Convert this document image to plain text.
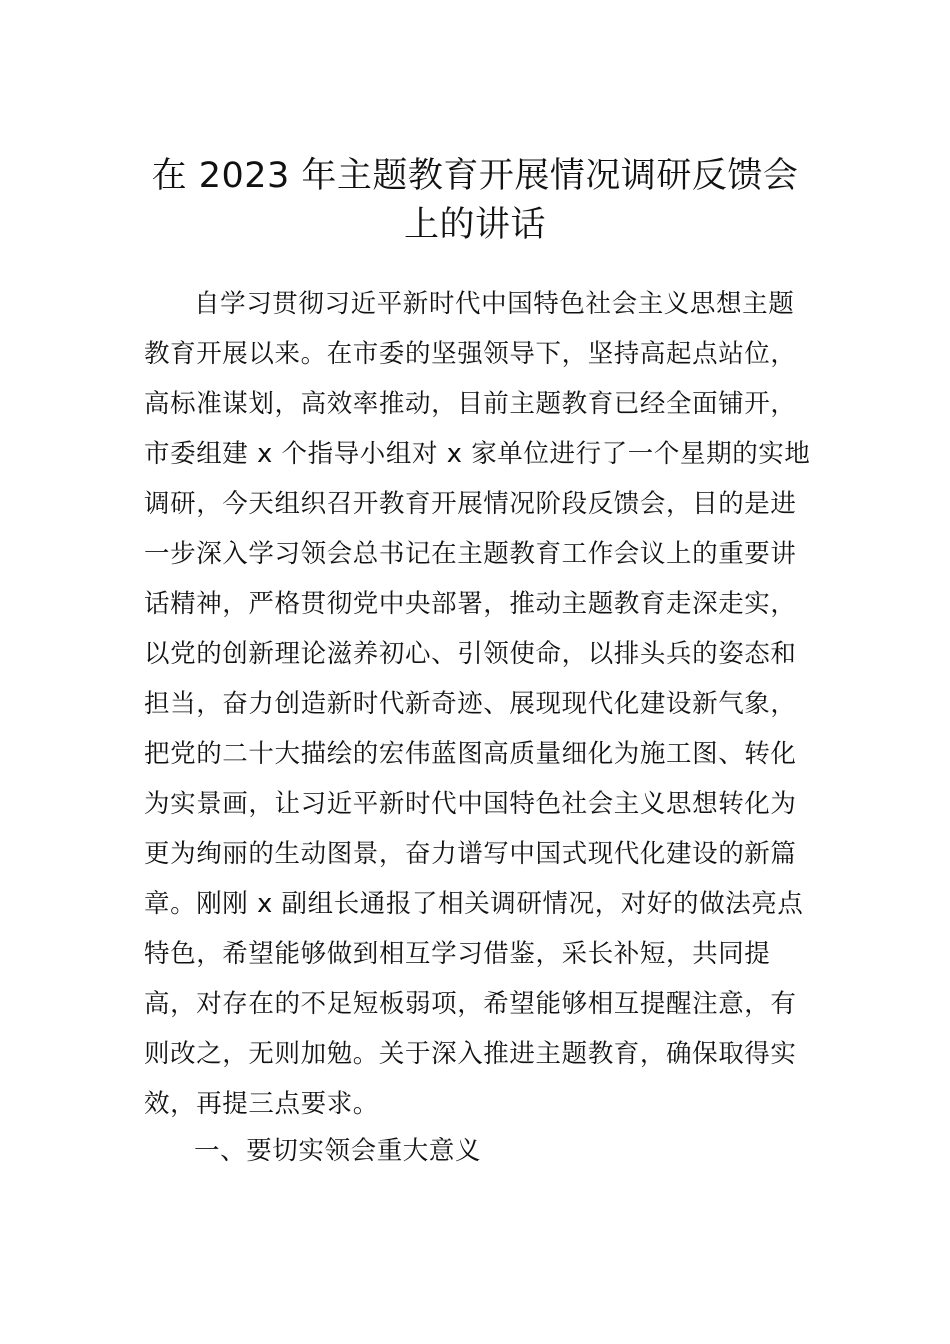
在 2023 年主题教育开展情况调研反馈会
上的讲话
自学习贯彻习近平新时代中国特色社会主义思想主题
教育开展以来。在市委的坚强领导下，坚持高起点站位，
高标准谋划，高效率推动，目前主题教育已经全面铺开，
市委组建 x 个指导小组对 x 家单位进行了一个星期的实地
调研，今天组织召开教育开展情况阶段反馈会，目的是进
一步深入学习领会总书记在主题教育工作会议上的重要讲
话精神，严格贯彻党中央部署，推动主题教育走深走实，
以党的创新理论滋养初心、引领使命，以排头兵的姿态和
担当，奋力创造新时代新奇迹、展现现代化建设新气象，
把党的二十大描绘的宏伟蓝图高质量细化为施工图、转化
为实景画，让习近平新时代中国特色社会主义思想转化为
更为绚丽的生动图景，奋力谱写中国式现代化建设的新篇
章。刚刚 x 副组长通报了相关调研情况，对好的做法亮点
特色，希望能够做到相互学习借鉴，采长补短，共同提
高，对存在的不足短板弱项，希望能够相互提醒注意，有
则改之，无则加勉。关于深入推进主题教育，确保取得实
效，再提三点要求。
一、要切实领会重大意义
